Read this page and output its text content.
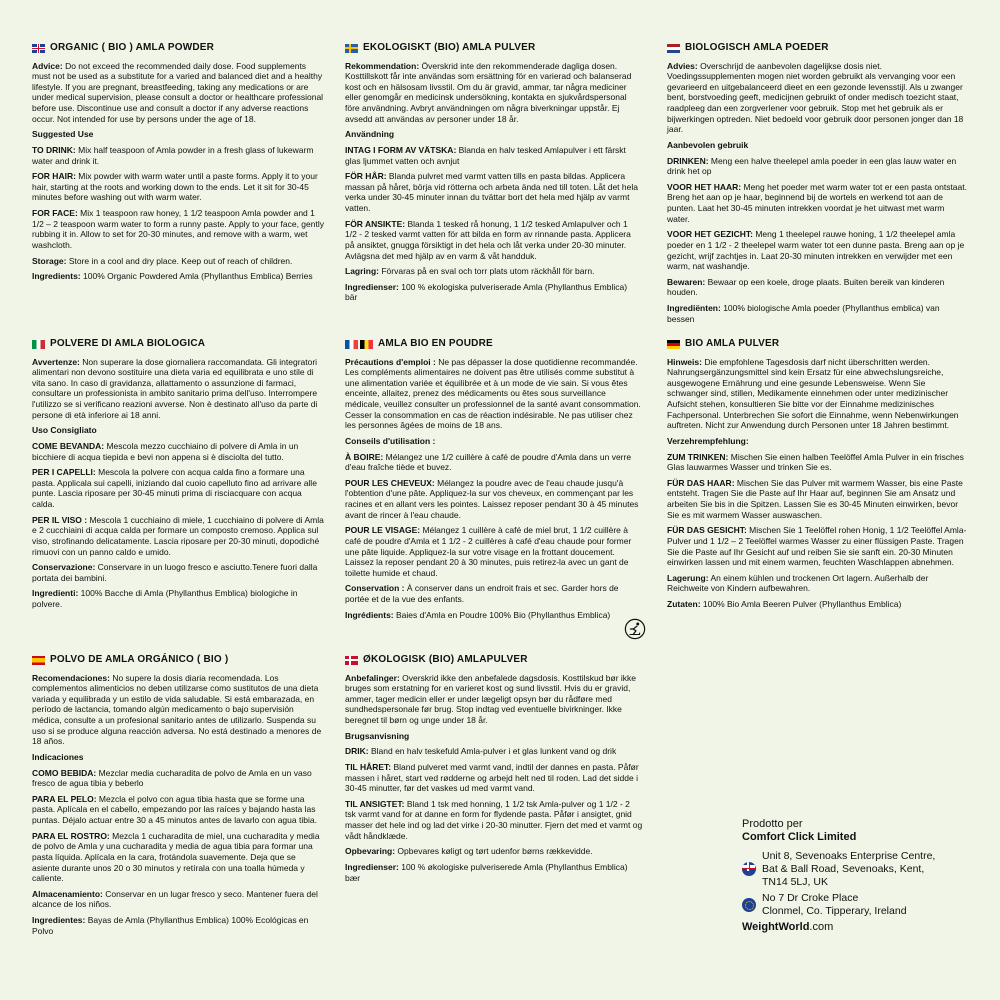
ORGANIC ( BIO ) AMLA POWDER

Advice: Do not exceed the recommended daily dose. Food supplements must not be used as a substitute for a varied and balanced diet and a healthy lifestyle. If you are pregnant, breastfeeding, taking any medications or are under medical supervision, please consult a doctor or healthcare professional before use. Discontinue use and consult a doctor if any adverse reactions occur. Not intended for use by persons under the age of 18.

Suggested Use

TO DRINK: Mix half teaspoon of Amla powder in a fresh glass of lukewarm water and drink it.

FOR HAIR: Mix powder with warm water until a paste forms. Apply it to your hair, starting at the roots and working down to the ends. Let it sit for 30-45 minutes before washing out with warm water.

FOR FACE: Mix 1 teaspoon raw honey, 1 1/2 teaspoon Amla powder and 1 1/2 – 2 teaspoon warm water to form a runny paste. Apply to your face, gently rubbing it in. Allow to set for 20-30 minutes, and remove with a warm, wet washcloth.

Storage: Store in a cool and dry place. Keep out of reach of children.

Ingredients: 100% Organic Powdered Amla (Phyllanthus Emblica) Berries

EKOLOGISKT (BIO) AMLA PULVER

Rekommendation: Överskrid inte den rekommenderade dagliga dosen. Kosttillskott får inte användas som ersättning för en varierad och balanserad kost och en hälsosam livsstil. Om du är gravid, ammar, tar några mediciner eller genomgår en medicinsk undersökning, kontakta en sjukvårdspersonal före användning. Avbryt användningen om några biverkningar uppstår. Ej avsedd att användas av personer under 18 år.

Användning

INTAG I FORM AV VÄTSKA: Blanda en halv tesked Amlapulver i ett färskt glas ljummet vatten och avnjut

FÖR HÅR: Blanda pulvret med varmt vatten tills en pasta bildas. Applicera massan på håret, börja vid rötterna och arbeta ända ned till toten. Låt det hela verka under 30-45 minuter innan du tvättar bort det hela med hjälp av varmt vatten.

FÖR ANSIKTE: Blanda 1 tesked rå honung, 1 1/2 tesked Amlapulver och 1 1/2 - 2 tesked varmt vatten för att bilda en form av rinnande pasta. Applicera på ansiktet, gnugga försiktigt in det hela och låt verka under 20-30 minuter. Avlägsna det med hjälp av en varm & våt handduk.

Lagring: Förvaras på en sval och torr plats utom räckhåll för barn.

Ingredienser: 100 % ekologiska pulveriserade Amla (Phyllanthus Emblica) bär

BIOLOGISCH AMLA POEDER

Advies: Overschrijd de aanbevolen dagelijkse dosis niet. Voedingssupplementen mogen niet worden gebruikt als vervanging voor een gevarieerd en uitgebalanceerd dieet en een gezonde levensstijl. Als u zwanger bent, borstvoeding geeft, medicijnen gebruikt of onder medisch toezicht staat, raadpleeg dan een zorgverlener voor gebruik. Stop met het gebruik als er bijwerkingen optreden. Niet bedoeld voor gebruik door personen jonger dan 18 jaar.

Aanbevolen gebruik

DRINKEN: Meng een halve theelepel amla poeder in een glas lauw water en drink het op

VOOR HET HAAR: Meng het poeder met warm water tot er een pasta ontstaat. Breng het aan op je haar, beginnend bij de wortels en werkend tot aan de punten. Laat het 30-45 minuten intrekken voordat je het uitwast met warm water.

VOOR HET GEZICHT: Meng 1 theelepel rauwe honing, 1 1/2 theelepel amla poeder en 1 1/2 - 2 theelepel warm water tot een dunne pasta. Breng aan op je gezicht, wrijf zachtjes in. Laat 20-30 minuten intrekken en verwijder met een warm, nat washandje.

Bewaren: Bewaar op een koele, droge plaats. Buiten bereik van kinderen houden.

Ingrediënten: 100% biologische Amla poeder (Phyllanthus emblica) van bessen

POLVERE DI AMLA BIOLOGICA

Avvertenze: Non superare la dose giornaliera raccomandata. Gli integratori alimentari non devono sostituire una dieta varia ed equilibrata e uno stile di vita sano. In caso di gravidanza, allattamento o assunzione di farmaci, consultare un professionista in ambito sanitario prima dell'uso. Interrompere l'utilizzo se si verificano reazioni avverse. Non è destinato all'uso da parte di persone di età inferiore ai 18 anni.

Uso Consigliato

COME BEVANDA: Mescola mezzo cucchiaino di polvere di Amla in un bicchiere di acqua tiepida e bevi non appena si è disciolta del tutto.

PER I CAPELLI: Mescola la polvere con acqua calda fino a formare una pasta. Applicala sui capelli, iniziando dal cuoio capelluto fino ad arrivare alle punte. Lascia riposare per 30-45 minuti prima di risciacquare con acqua calda.

PER IL VISO : Mescola 1 cucchiaino di miele, 1 cucchiaino di polvere di Amla e 2 cucchiaini di acqua calda per formare un composto cremoso. Applica sul viso, strofinando delicatamente. Lascia riposare per 20-30 minuti, dopodiché rimuovi con un panno caldo e umido.

Conservazione: Conservare in un luogo fresco e asciutto.Tenere fuori dalla portata dei bambini.

Ingredienti: 100% Bacche di Amla (Phyllanthus Emblica) biologiche in polvere.

AMLA BIO EN POUDRE

Précautions d'emploi : Ne pas dépasser la dose quotidienne recommandée. Les compléments alimentaires ne doivent pas être utilisés comme substitut à une alimentation variée et équilibrée et à un mode de vie sain. Si vous êtes enceinte, allaitez, prenez des médicaments ou êtes sous surveillance médicale, veuillez consulter un professionnel de la santé avant consommation. Cesser la consommation en cas de réaction indésirable. Ne pas utiliser chez les personnes âgées de moins de 18 ans.

Conseils d'utilisation :

À BOIRE: Mélangez une 1/2 cuillère à café de poudre d'Amla dans un verre d'eau fraîche tiède et buvez.

POUR LES CHEVEUX: Mélangez la poudre avec de l'eau chaude jusqu'à l'obtention d'une pâte. Appliquez-la sur vos cheveux, en commençant par les racines et en allant vers les pointes. Laissez reposer pendant 30 à 45 minutes avant de rincer à l'eau chaude.

POUR LE VISAGE: Mélangez 1 cuillère à café de miel brut, 1 1/2 cuillère à café de poudre d'Amla et 1 1/2 - 2 cuillères à café d'eau chaude pour former une pâte liquide. Appliquez-la sur votre visage en la frottant doucement. Laissez la reposer pendant 20 à 30 minutes, puis retirez-la avec un gant de toilette humide et chaud.

Conservation : À conserver dans un endroit frais et sec. Garder hors de portée et de la vue des enfants.

Ingrédients: Baies d'Amla en Poudre 100% Bio (Phyllanthus Emblica)

BIO AMLA PULVER

Hinweis: Die empfohlene Tagesdosis darf nicht überschritten werden. Nahrungsergänzungsmittel sind kein Ersatz für eine abwechslungsreiche, ausgewogene Ernährung und eine gesunde Lebensweise. Wenn Sie schwanger sind, stillen, Medikamente einnehmen oder unter medizinischer Aufsicht stehen, konsultieren Sie bitte vor der Einnahme medizinisches Fachpersonal. Unterbrechen Sie sofort die Einnahme, wenn Nebenwirkungen auftreten. Nicht zur Anwendung durch Personen unter 18 Jahren bestimmt.

Verzehrempfehlung:

ZUM TRINKEN: Mischen Sie einen halben Teelöffel Amla Pulver in ein frisches Glas lauwarmes Wasser und trinken Sie es.

FÜR DAS HAAR: Mischen Sie das Pulver mit warmem Wasser, bis eine Paste entsteht. Tragen Sie die Paste auf Ihr Haar auf, beginnen Sie am Ansatz und arbeiten Sie bis in die Spitzen. Lassen Sie es 30-45 Minuten einwirken, bevor Sie es mit warmem Wasser auswaschen.

FÜR DAS GESICHT: Mischen Sie 1 Teelöffel rohen Honig, 1 1/2 Teelöffel Amla-Pulver und 1 1/2 – 2 Teelöffel warmes Wasser zu einer flüssigen Paste. Tragen Sie die Paste auf Ihr Gesicht auf und reiben Sie sie sanft ein. 20-30 Minuten einwirken lassen und mit einem warmen, feuchten Waschlappen abnehmen.

Lagerung: An einem kühlen und trockenen Ort lagern. Außerhalb der Reichweite von Kindern aufbewahren.

Zutaten: 100% Bio Amla Beeren Pulver (Phyllanthus Emblica)

POLVO DE AMLA ORGÁNICO ( BIO )

Recomendaciones: No supere la dosis diaria recomendada. Los complementos alimenticios no deben utilizarse como sustitutos de una dieta variada y equilibrada y un estilo de vida saludable. Si está embarazada, en período de lactancia, tomando algún medicamento o bajo supervisión médica, consulte a un profesional sanitario antes de utilizarlo. Suspenda su uso si se produce alguna reacción adversa. No está destinado a menores de 18 años.

Indicaciones

COMO BEBIDA: Mezclar media cucharadita de polvo de Amla en un vaso fresco de agua tibia y beberlo

PARA EL PELO: Mezcla el polvo con agua tibia hasta que se forme una pasta. Aplícala en el cabello, empezando por las raíces y bajando hasta las puntas. Déjalo actuar entre 30 a 45 minutos antes de lavarlo con agua tibia.

PARA EL ROSTRO: Mezcla 1 cucharadita de miel, una cucharadita y media de polvo de Amla y una cucharadita y media de agua tibia para formar una pasta líquida. Aplícala en la cara, frotándola suavemente. Deja que se asiente durante unos 20 o 30 minutos y retírala con una toalla húmeda y caliente.

Almacenamiento: Conservar en un lugar fresco y seco. Mantener fuera del alcance de los niños.

Ingredientes: Bayas de Amla (Phyllanthus Emblica) 100% Ecológicas en Polvo

ØKOLOGISK (BIO) AMLAPULVER

Anbefalinger: Overskrid ikke den anbefalede dagsdosis. Kosttilskud bør ikke bruges som erstatning for en varieret kost og sund livsstil. Hvis du er gravid, ammer, tager medicin eller er under lægeligt opsyn bør du rådføre med sundhedspersonale før brug. Stop indtag ved eventuelle bivirkninger. Ikke beregnet til børn og unge under 18 år.

Brugsanvisning

DRIK: Bland en halv teskefuld Amla-pulver i et glas lunkent vand og drik

TIL HÅRET: Bland pulveret med varmt vand, indtil der dannes en pasta. Påfør massen i håret, start ved rødderne og arbejd helt ned til roden. Lad det sidde i 30-45 minutter, før det vaskes ud med varmt vand.

TIL ANSIGTET: Bland 1 tsk med honning, 1 1/2 tsk Amla-pulver og 1 1/2 - 2 tsk varmt vand for at danne en form for flydende pasta. Påfør i ansigtet, gnid masser det hele ind og lad det virke i 20-30 minutter. Fjern det med et varmt og vådt håndklæde.

Opbevaring: Opbevares køligt og tørt udenfor børns rækkevidde.

Ingredienser: 100 % økologiske pulveriserede Amla (Phyllanthus Emblica) bær

Prodotto per
Comfort Click Limited
Unit 8, Sevenoaks Enterprise Centre,
Bat & Ball Road, Sevenoaks, Kent,
TN14 5LJ, UK
No 7 Dr Croke Place
Clonmel, Co. Tipperary, Ireland
WeightWorld.com
